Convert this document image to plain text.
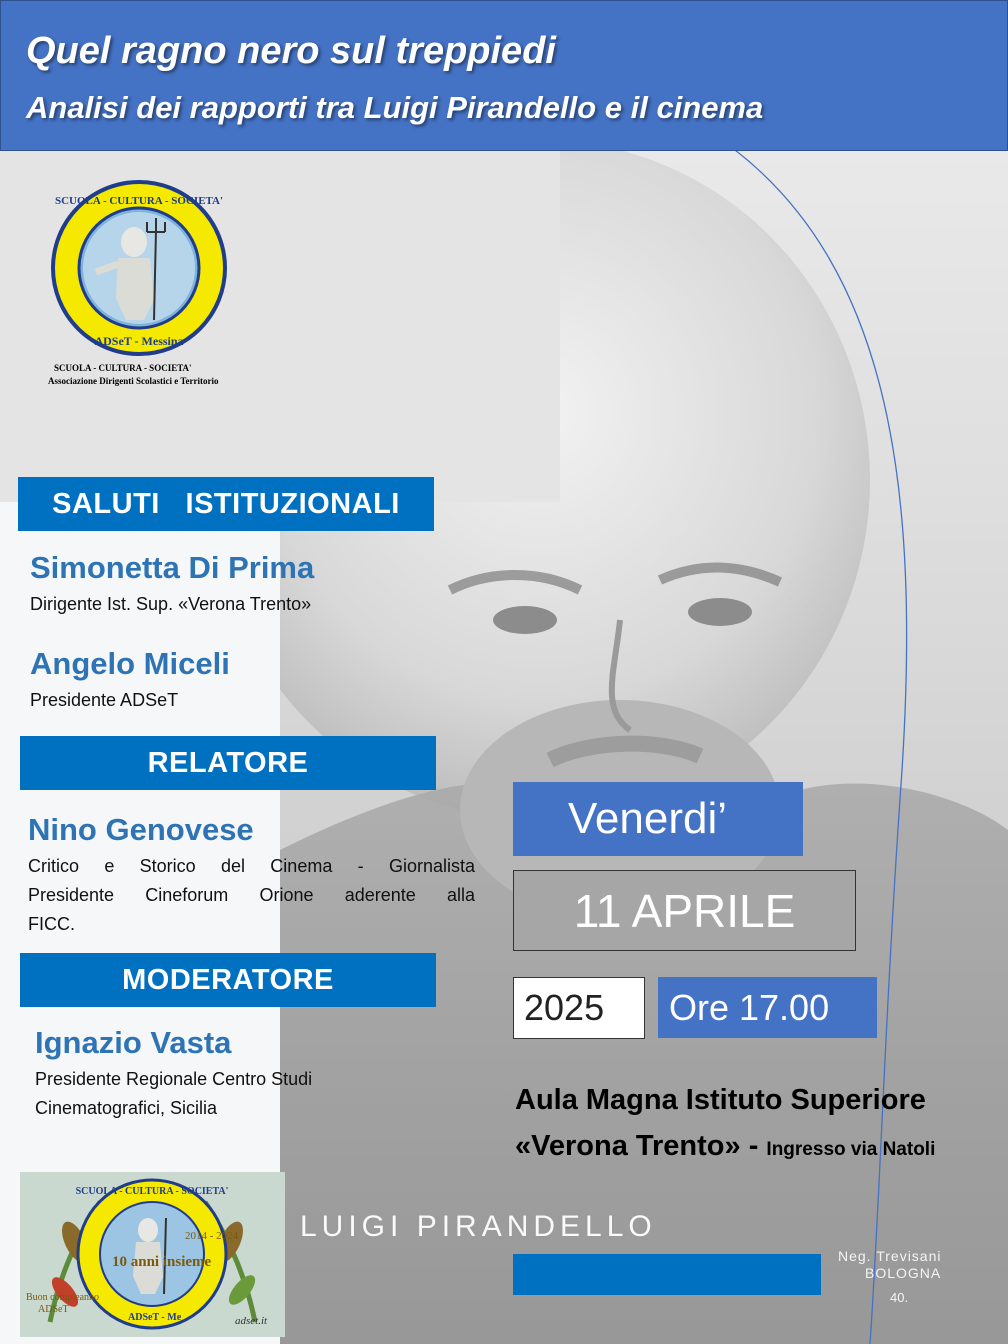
Quel ragno nero sul treppiedi
Analisi dei rapporti tra Luigi Pirandello e il cinema
SCUOLA - CULTURA - SOCIETA'
ADSeT - Messina
SCUOLA - CULTURA - SOCIETA'
Associazione Dirigenti Scolastici e Territorio
SALUTI   ISTITUZIONALI
Simonetta Di Prima
Dirigente Ist. Sup. «Verona Trento»
Angelo Miceli
Presidente ADSeT
RELATORE
Nino Genovese
Critico e Storico del Cinema - Giornalista
Presidente Cineforum Orione aderente alla
FICC.
MODERATORE
Ignazio Vasta
Presidente Regionale Centro Studi
Cinematografici, Sicilia
Venerdi’
11 APRILE
2025	Ore 17.00
Aula Magna Istituto Superiore
«Verona Trento» - Ingresso via Natoli
LUIGI PIRANDELLO
Neg. Trevisani
BOLOGNA
40.
SCUOLA - CULTURA - SOCIETA'
2014 - 2024
10 anni insieme
ADSeT - Me
Buon compleanno
ADSeT
adset.it
